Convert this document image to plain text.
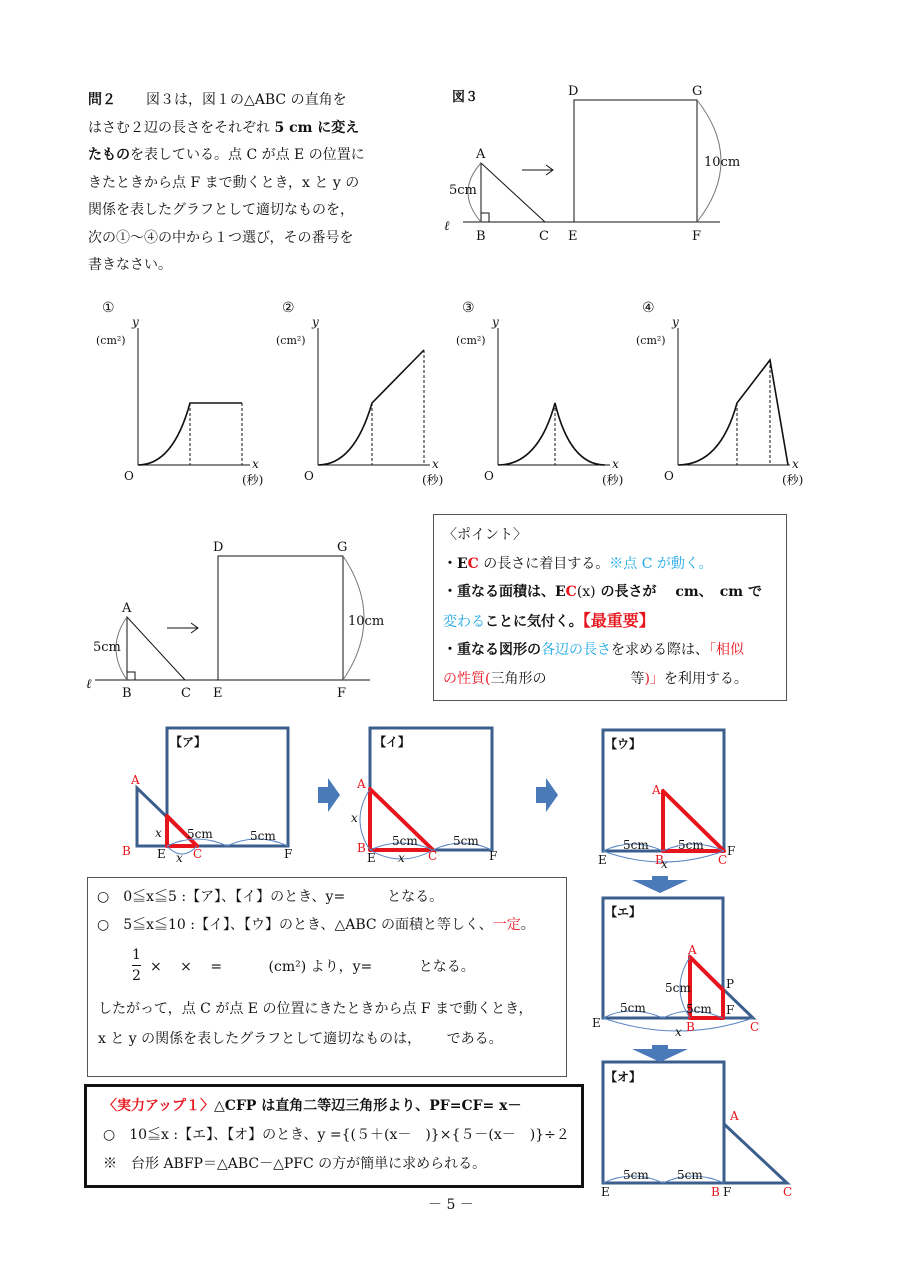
問２ 図３は，図１の△ABC の直角を
はさむ２辺の長さをそれぞれ 5 cm に変え
たものを表している。点 C が点 E の位置に
きたときから点 F まで動くとき，x と y の
関係を表したグラフとして適切なものを，
次の①～④の中から１つ選び，その番号を
書きなさい。
〈ポイント〉
・EC の長さに着目する。※点 C が動く。
・重なる面積は、EC(x) の長さが　 cm、　cm で
変わることに気付く。【最重要】
・重なる図形の各辺の長さを求める際は、「相似
の性質(三角形の　　　　　　等)」を利用する。
○　0≦x≦5 :【ア】、【イ】のとき、y=　　　となる。
○　5≦x≦10 :【イ】、【ウ】のとき、△ABC の面積と等しく、一定。
$\frac{1}{2}$ ×　 ×　 =　　　 (cm²) より，y=　　　 となる。
したがって，点 C が点 E の位置にきたときから点 F まで動くとき，
x と y の関係を表したグラフとして適切なものは，　　 である。
〈実力アップ１〉△CFP は直角二等辺三角形より、PF=CF= x－
○　10≦x :【エ】、【オ】のとき、y ={(５＋(x－　)}×{５－(x－　)}÷２
※　台形 ABFP＝△ABC－△PFC の方が簡単に求められる。
－ 5 －
図３
A
B	C
D
E
G
F
ℓ
5cm
10cm
①
y
(cm²)
x
(秒)
O
②
y
(cm²)
x
(秒)
O
③
y
(cm²)
x
(秒)
O
④
y
(cm²)
x
(秒)
O
A
B	C
D
E
G
F
ℓ
5cm
10cm
【ア】
A
B	C
E	F
x
x
5cm	5cm
【イ】
A
B
C
E	F
x
x
5cm	5cm
【ウ】
A
B	C
E
F
x
5cm 5cm
【エ】
A
B	C
E
F
P
x
5cm	5cm
5cm
【オ】
A
B F	C
E
5cm 5cm
